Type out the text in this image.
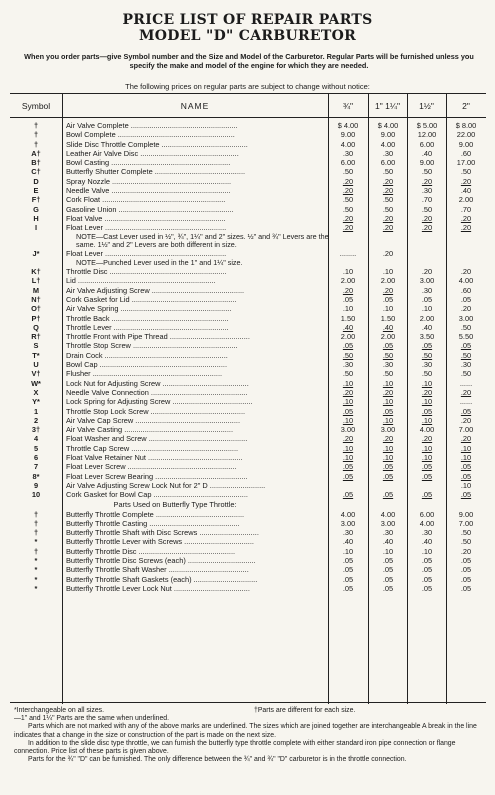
PRICE LIST OF REPAIR PARTS
MODEL "D" CARBURETOR
When you order parts—give Symbol number and the Size and Model of the Carburetor. Regular Parts will be furnished unless you specify the make and model of the engine for which they are needed.
The following prices on regular parts are subject to change without notice:
Symbol	NAME	¾"	1" 1¼"	1½"	2"
†	Air Valve Complete ....................................................	$ 4.00	$ 4.00	$ 5.00	$ 8.00
†	Bowl Complete .........................................................	9.00	9.00	12.00	22.00
†	Slide Disc Throttle Complete ..........................................	4.00	4.00	6.00	9.00
A†	Leather Air Valve Disc ................................................	.30	.30	.40	.60
B†	Bowl Casting ..........................................................	6.00	6.00	9.00	17.00
C†	Butterfly Shutter Complete ............................................	.50	.50	.50	.50
D	Spray Nozzle ..........................................................	.20	.20	.20	.20
E	Needle Valve ..........................................................	.20	.20	.30	.40
F†	Cork Float ............................................................	.50	.50	.70	2.00
G	Gasoline Union ........................................................	.50	.50	.50	.70
H	Float Valve ...........................................................	.20	.20	.20	.20
I	Float Lever ...........................................................	.20	.20	.20	.20
NOTE—Cast Lever used in ½", ¾", 1¼" and 2" sizes. ½" and ¾" Levers are the same. 1½" and 2" Levers are both different in size.
J*	Float Lever ...........................................................	........	.20
NOTE—Punched Lever used in the 1" and 1¼" size.
K†	Throttle Disc .........................................................	.10	.10	.20	.20
L†	Lid ...................................................................	2.00	2.00	3.00	4.00
M	Air Valve Adjusting Screw .............................................	.20	.20	.30	.60
N†	Cork Gasket for Lid ...................................................	.05	.05	.05	.05
O†	Air Valve Spring ......................................................	.10	.10	.10	.20
P†	Throttle Back .........................................................	1.50	1.50	2.00	3.00
Q	Throttle Lever ........................................................	.40	.40	.40	.50
R†	Throttle Front with Pipe Thread .......................................	2.00	2.00	3.50	5.50
S	Throttle Stop Screw ...................................................	.05	.05	.05	.05
T*	Drain Cock ............................................................	.50	.50	.50	.50
U	Bowl Cap ..............................................................	.30	.30	.30	.30
V†	Flusher ...............................................................	.50	.50	.50	.50
W*	Lock Nut for Adjusting Screw ..........................................	.10	.10	.10	......
X	Needle Valve Connection ...............................................	.20	.20	.20	.20
Y*	Lock Spring for Adjusting Screw .......................................	.10	.10	.10	......
1	Throttle Stop Lock Screw ..............................................	.05	.05	.05	.05
2	Air Valve Cap Screw ...................................................	.10	.10	.10	.20
3†	Air Valve Casting .....................................................	3.00	3.00	4.00	7.00
4	Float Washer and Screw ................................................	.20	.20	.20	.20
5	Throttle Cap Screw ....................................................	.10	.10	.10	.10
6	Float Valve Retainer Nut ..............................................	.10	.10	.10	.10
7	Float Lever Screw .....................................................	.05	.05	.05	.05
8*	Float Lever Screw Bearing .............................................	.05	.05	.05	.05
9	Air Valve Adjusting Screw Lock Nut for 2" D ...........................	.10
10	Cork Gasket for Bowl Cap ..............................................	.05	.05	.05	.05
Parts Used on Butterfly Type Throttle:
†	Butterfly Throttle Complete ...........................................	4.00	4.00	6.00	9.00
†	Butterfly Throttle Casting ............................................	3.00	3.00	4.00	7.00
†	Butterfly Throttle Shaft with Disc Screws .............................	.30	.30	.30	.50
*	Butterfly Throttle Lever with Screws ..................................	.40	.40	.40	.50
†	Butterfly Throttle Disc ...............................................	.10	.10	.10	.20
*	Butterfly Throttle Disc Screws (each) .................................	.05	.05	.05	.05
*	Butterfly Throttle Shaft Washer .......................................	.05	.05	.05	.05
*	Butterfly Throttle Shaft Gaskets (each) ...............................	.05	.05	.05	.05
*	Butterfly Throttle Lever Lock Nut .....................................	.05	.05	.05	.05
*Interchangeable on all sizes.	†Parts are different for each size.
—1" and 1¼" Parts are the same when underlined.
Parts which are not marked with any of the above marks are underlined. The sizes which are joined together are interchangeable A break in the line indicates that a change in the size or construction of the part is made on the next size.
In addition to the slide disc type throttle, we can furnish the butterfly type throttle complete with either standard iron pipe connection or flange connection. Price list of these parts is given above.
Parts for the ¾" "D" can be furnished. The only difference between the ¾" and ¾" "D" carburetor is in the throttle connection.
